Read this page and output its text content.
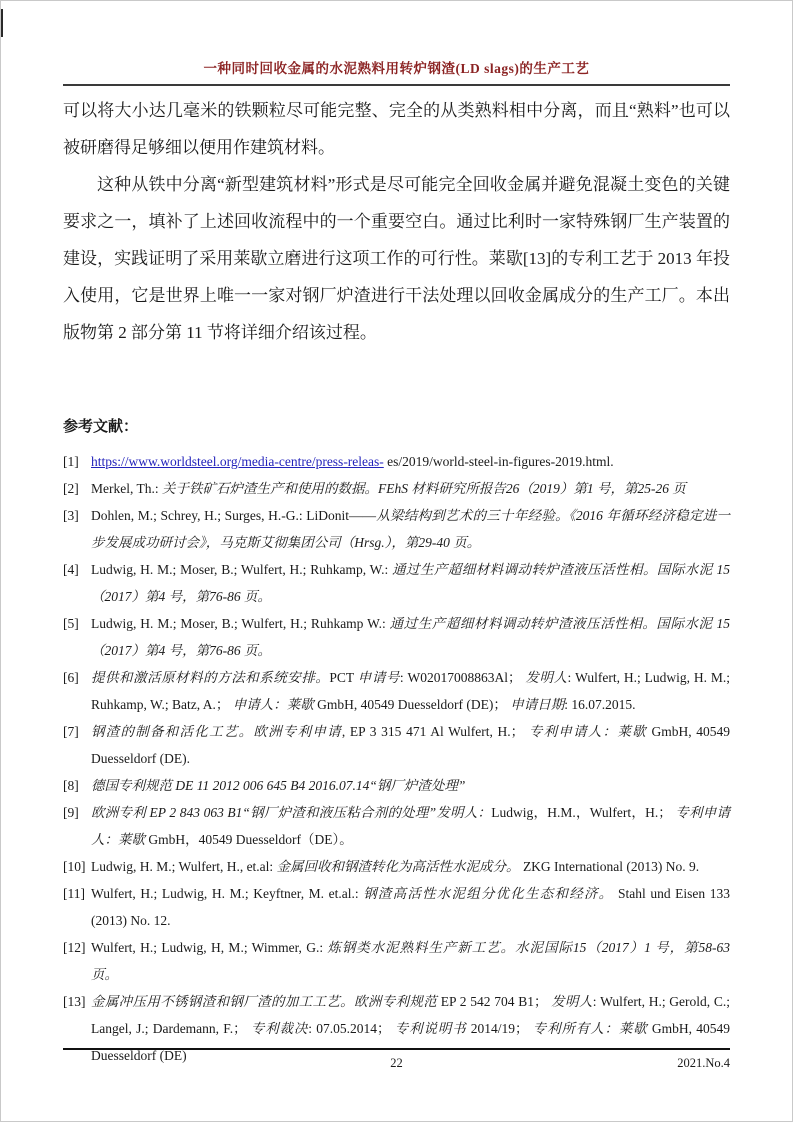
一种同时回收金属的水泥熟料用转炉钢渣(LD slags)的生产工艺

可以将大小达几毫米的铁颗粒尽可能完整、完全的从类熟料相中分离，而且“熟料”也可以被研磨得足够细以便用作建筑材料。

这种从铁中分离“新型建筑材料”形式是尽可能完全回收金属并避免混凝土变色的关键要求之一，填补了上述回收流程中的一个重要空白。通过比利时一家特殊钢厂生产装置的建设，实践证明了采用莱歇立磨进行这项工作的可行性。莱歇[13]的专利工艺于 2013 年投入使用，它是世界上唯一一家对钢厂炉渣进行干法处理以回收金属成分的生产工厂。本出版物第 2 部分第 11 节将详细介绍该过程。

参考文献：
[1] https://www.worldsteel.org/media-centre/press-releas- es/2019/world-steel-in-figures-2019.html.
[2] Merkel, Th.: 关于铁矿石炉渣生产和使用的数据。FEhS 材料研究所报告26（2019）第1 号，第25-26 页
[3] Dohlen, M.; Schrey, H.; Surges, H.-G.: LiDonit——从梁结构到艺术的三十年经验。《2016 年循环经济稳定进一步发展成功研讨会》，马克斯艾彻集团公司（Hrsg.），第29-40 页。
[4] Ludwig, H. M.; Moser, B.; Wulfert, H.; Ruhkamp, W.: 通过生产超细材料调动转炉渣液压活性相。国际水泥 15（2017）第4 号，第76-86 页。
[5] Ludwig, H. M.; Moser, B.; Wulfert, H.; Ruhkamp W.: 通过生产超细材料调动转炉渣液压活性相。国际水泥 15（2017）第4 号，第76-86 页。
[6] 提供和激活原材料的方法和系统安排。PCT 申请号: W02017008863Al； 发明人: Wulfert, H.; Ludwig, H. M.; Ruhkamp, W.; Batz, A.； 申请人：莱歇 GmbH, 40549 Duesseldorf (DE)； 申请日期: 16.07.2015.
[7] 钢渣的制备和活化工艺。欧洲专利申请, EP 3 315 471 Al Wulfert, H.； 专利申请人：莱歇 GmbH, 40549 Duesseldorf (DE).
[8] 德国专利规范 DE 11 2012 006 645 B4 2016.07.14“钢厂炉渣处理”
[9] 欧洲专利 EP 2 843 063 B1“钢厂炉渣和液压粘合剂的处理”发明人：Ludwig，H.M.，Wulfert，H.； 专利申请人：莱歇 GmbH，40549 Duesseldorf（DE）。
[10] Ludwig, H. M.; Wulfert, H., et.al: 金属回收和钢渣转化为高活性水泥成分。 ZKG International (2013) No. 9.
[11] Wulfert, H.; Ludwig, H. M.; Keyftner, M. et.al.: 钢渣高活性水泥组分优化生态和经济。 Stahl und Eisen 133 (2013) No. 12.
[12] Wulfert, H.; Ludwig, H, M.; Wimmer, G.: 炼钢类水泥熟料生产新工艺。水泥国际15（2017）1 号，第58-63 页。
[13] 金属冲压用不锈钢渣和钢厂渣的加工工艺。欧洲专利规范 EP 2 542 704 B1； 发明人: Wulfert, H.; Gerold, C.; Langel, J.; Dardemann, F.； 专利裁决: 07.05.2014； 专利说明书 2014/19； 专利所有人：莱歇 GmbH, 40549 Duesseldorf (DE)	22	2021.No.4
